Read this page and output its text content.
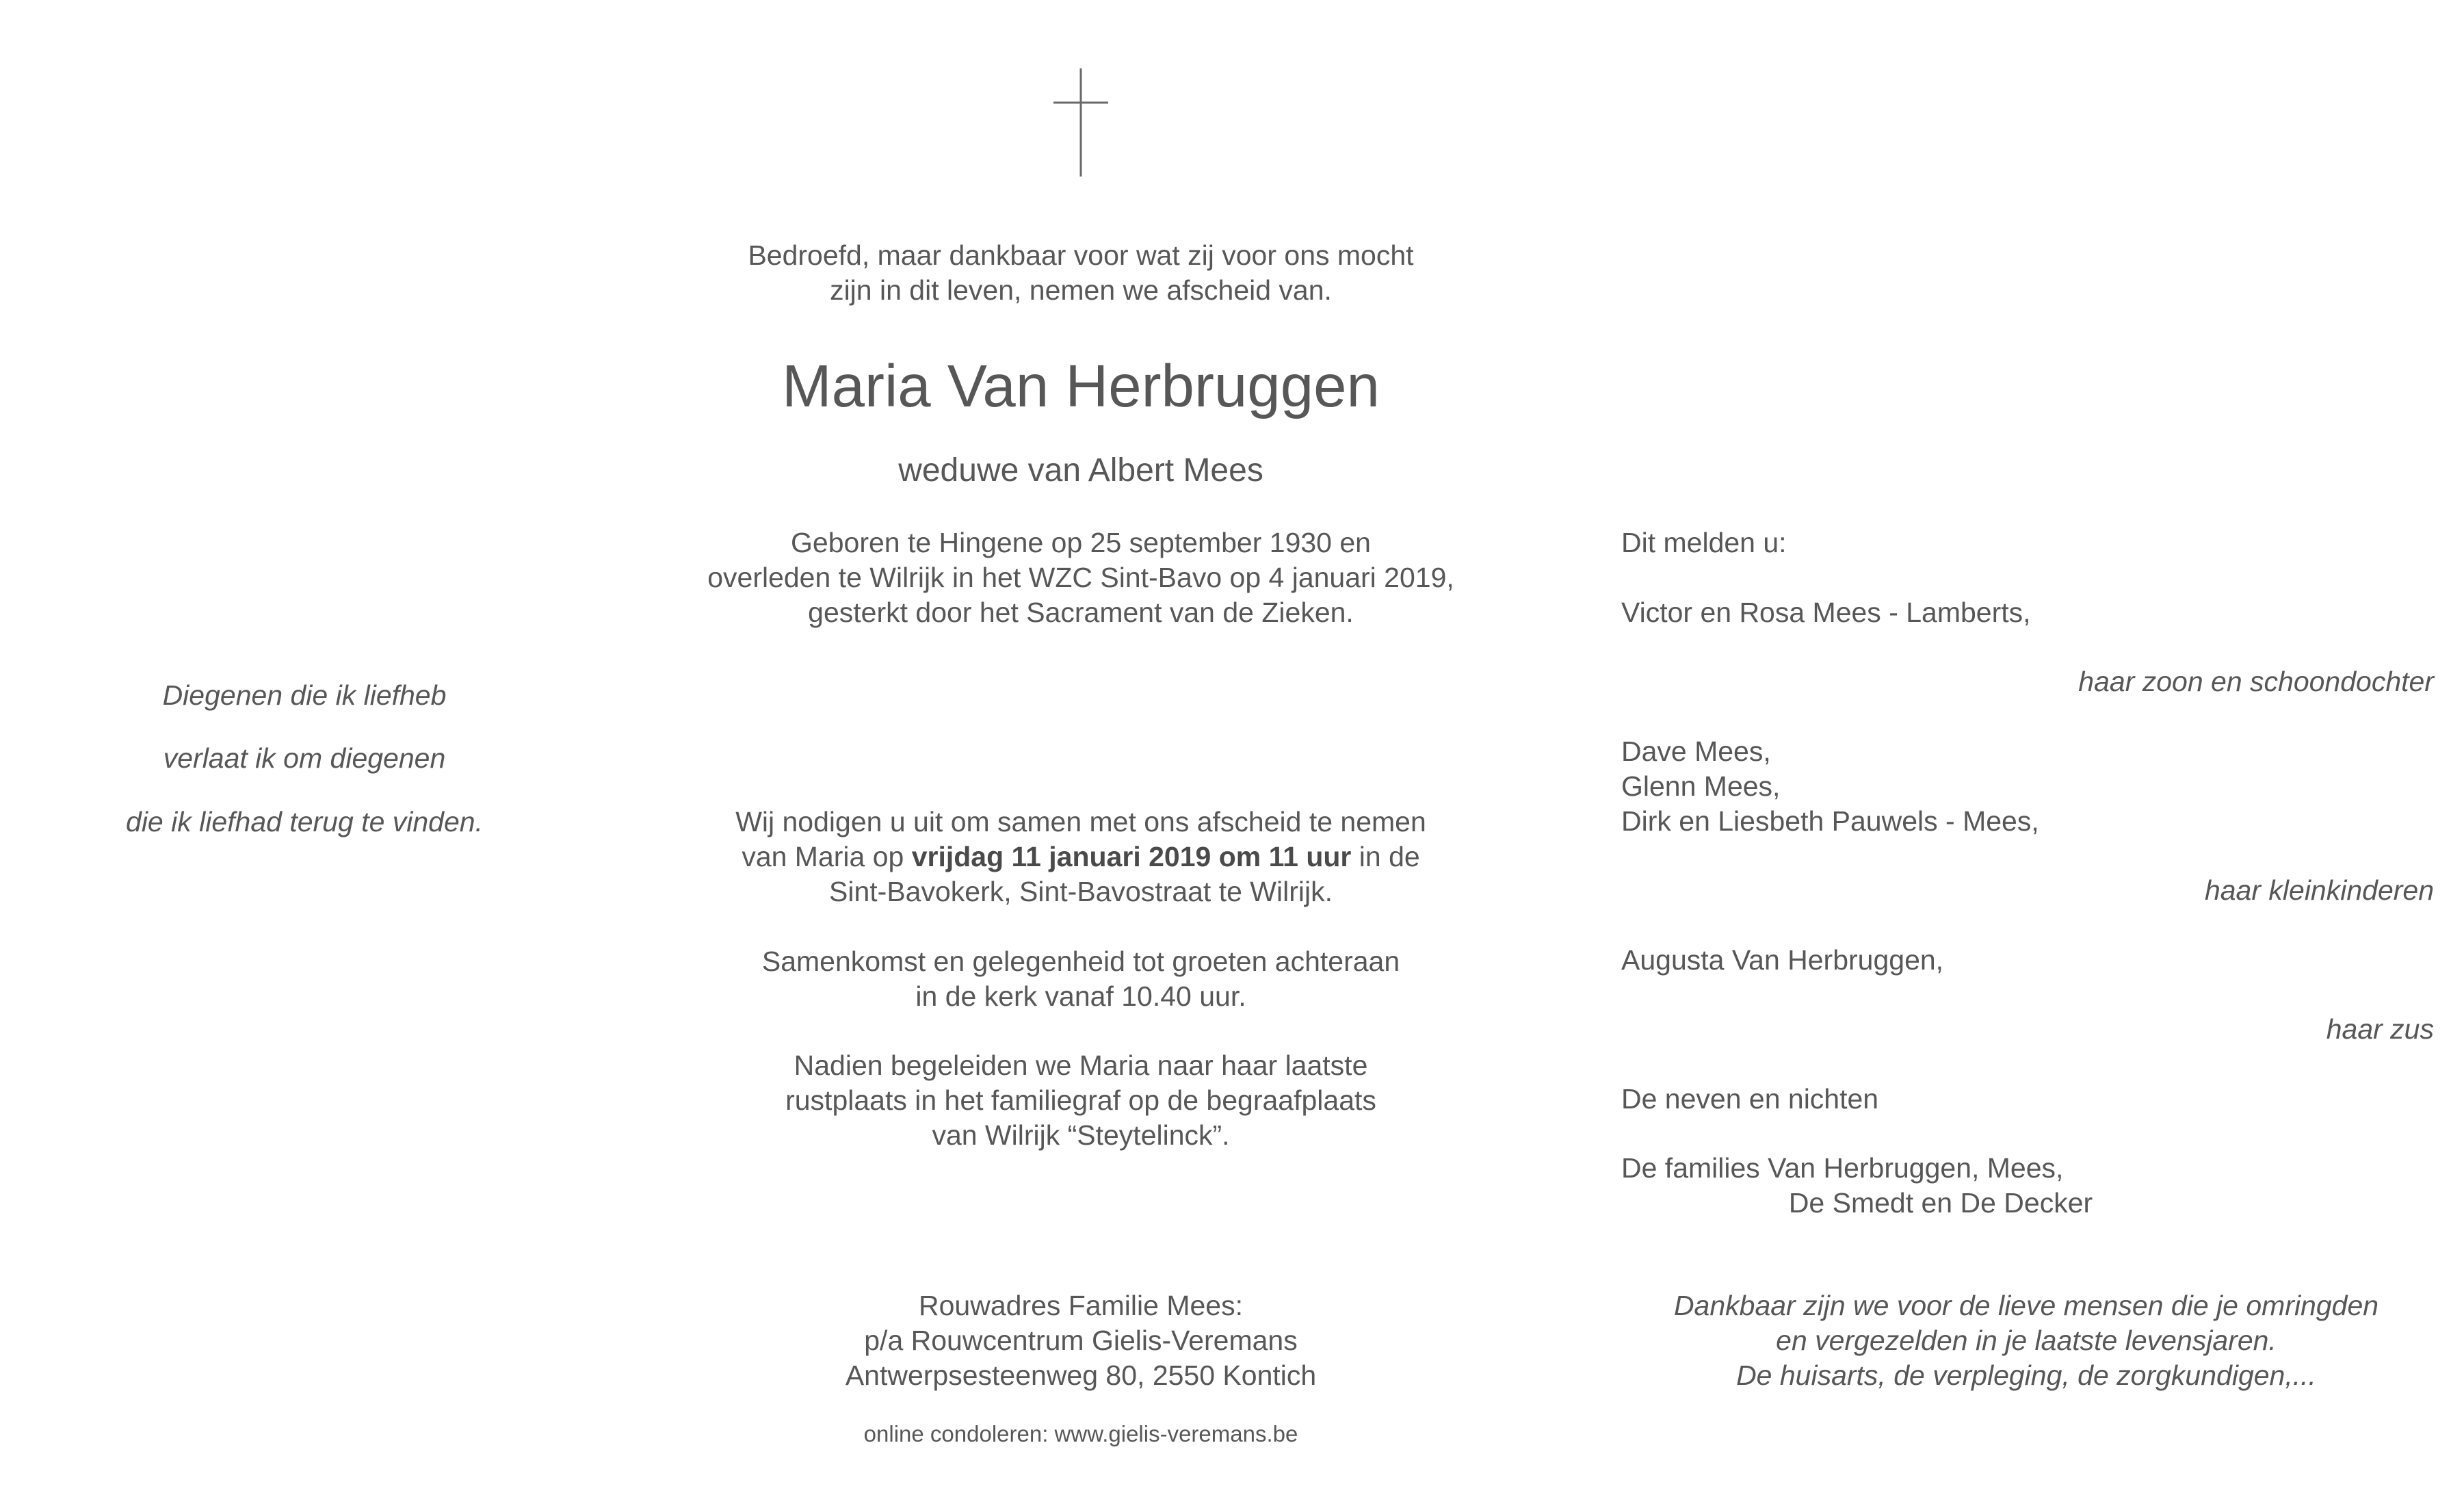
Bedroefd, maar dankbaar voor wat zij voor ons mocht
zijn in dit leven, nemen we afscheid van.
Maria Van Herbruggen
weduwe van Albert Mees
Geboren te Hingene op 25 september 1930 en
overleden te Wilrijk in het WZC Sint-Bavo op 4 januari 2019,
gesterkt door het Sacrament van de Zieken.
Diegenen die ik liefheb
verlaat ik om diegenen
die ik liefhad terug te vinden.	Wij nodigen u uit om samen met ons afscheid te nemen
van Maria op vrijdag 11 januari 2019 om 11 uur in de
Sint-Bavokerk, Sint-Bavostraat te Wilrijk.
Samenkomst en gelegenheid tot groeten achteraan
in de kerk vanaf 10.40 uur.
Nadien begeleiden we Maria naar haar laatste
rustplaats in het familiegraf op de begraafplaats
van Wilrijk “Steytelinck”.
Rouwadres Familie Mees:
p/a Rouwcentrum Gielis-Veremans
Antwerpsesteenweg 80, 2550 Kontich
online condoleren: www.gielis-veremans.be
Dit melden u:
Victor en Rosa Mees - Lamberts,
haar zoon en schoondochter
Dave Mees,
Glenn Mees,
Dirk en Liesbeth Pauwels - Mees,
haar kleinkinderen
Augusta Van Herbruggen,
haar zus
De neven en nichten
De families Van Herbruggen, Mees,
De Smedt en De Decker
Dankbaar zijn we voor de lieve mensen die je omringden
en vergezelden in je laatste levensjaren.
De huisarts, de verpleging, de zorgkundigen,...
